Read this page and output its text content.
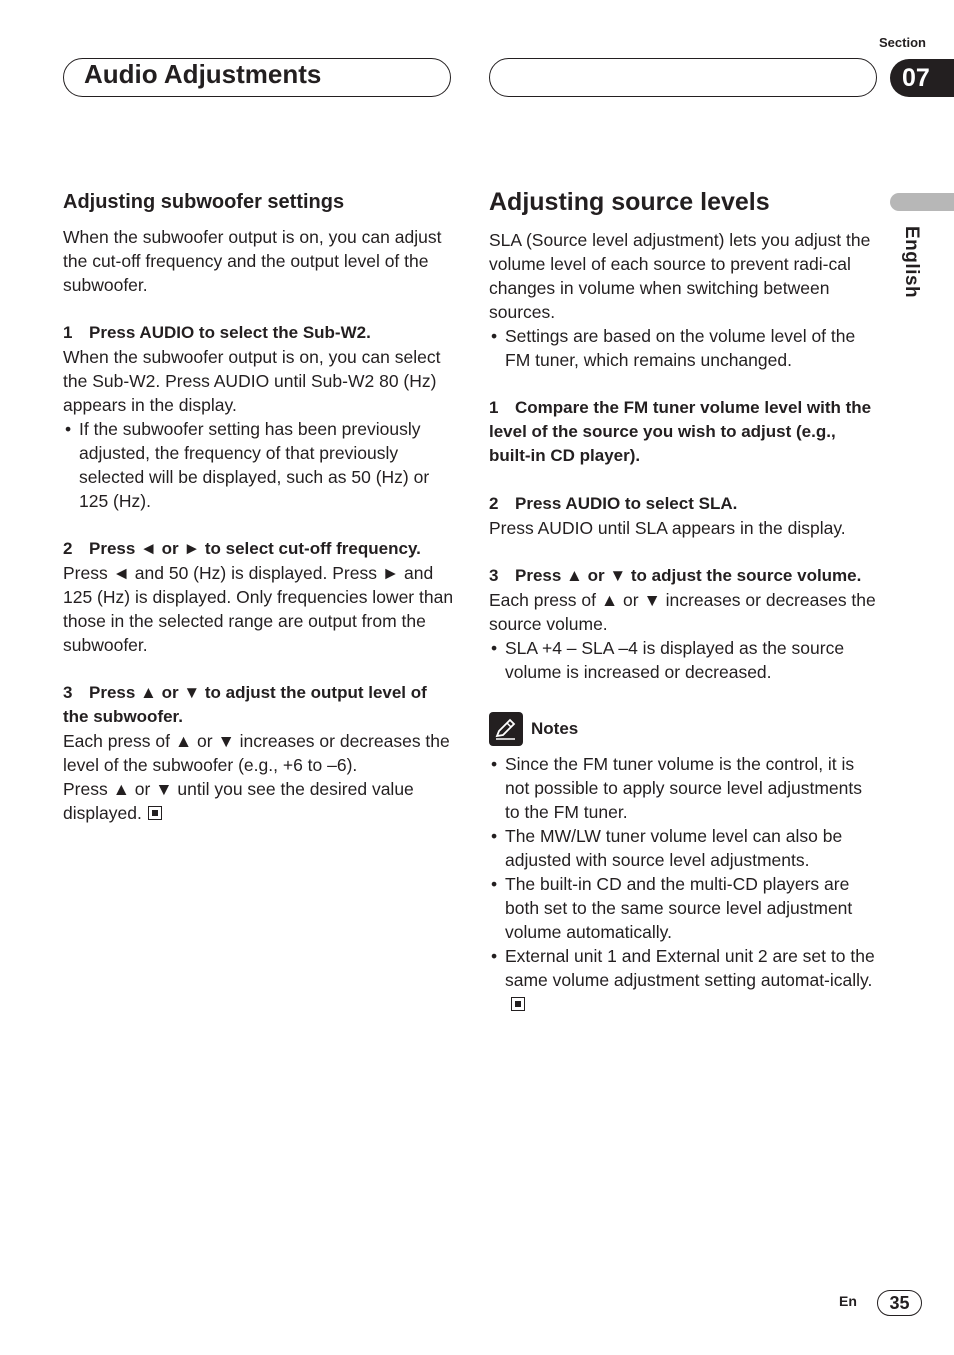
Audio Adjustments
Section
07
English

Adjusting subwoofer settings

When the subwoofer output is on, you can adjust the cut-off frequency and the output level of the subwoofer.

1 Press AUDIO to select the Sub-W2.

When the subwoofer output is on, you can select the Sub-W2. Press AUDIO until Sub-W2 80 (Hz) appears in the display.

• If the subwoofer setting has been previously adjusted, the frequency of that previously selected will be displayed, such as 50 (Hz) or 125 (Hz).

2 Press ◄ or ► to select cut-off frequency.

Press ◄ and 50 (Hz) is displayed. Press ► and 125 (Hz) is displayed. Only frequencies lower than those in the selected range are output from the subwoofer.

3 Press ▲ or ▼ to adjust the output level of the subwoofer.

Each press of ▲ or ▼ increases or decreases the level of the subwoofer (e.g., +6 to –6).

Press ▲ or ▼ until you see the desired value displayed.

Adjusting source levels

SLA (Source level adjustment) lets you adjust the volume level of each source to prevent radi-cal changes in volume when switching between sources.

• Settings are based on the volume level of the FM tuner, which remains unchanged.

1 Compare the FM tuner volume level with the level of the source you wish to adjust (e.g., built-in CD player).

2 Press AUDIO to select SLA.

Press AUDIO until SLA appears in the display.

3 Press ▲ or ▼ to adjust the source volume.

Each press of ▲ or ▼ increases or decreases the source volume.

• SLA +4 – SLA –4 is displayed as the source volume is increased or decreased.

Notes

• Since the FM tuner volume is the control, it is not possible to apply source level adjustments to the FM tuner.

• The MW/LW tuner volume level can also be adjusted with source level adjustments.

• The built-in CD and the multi-CD players are both set to the same source level adjustment volume automatically.

• External unit 1 and External unit 2 are set to the same volume adjustment setting automat-ically.

En	35
